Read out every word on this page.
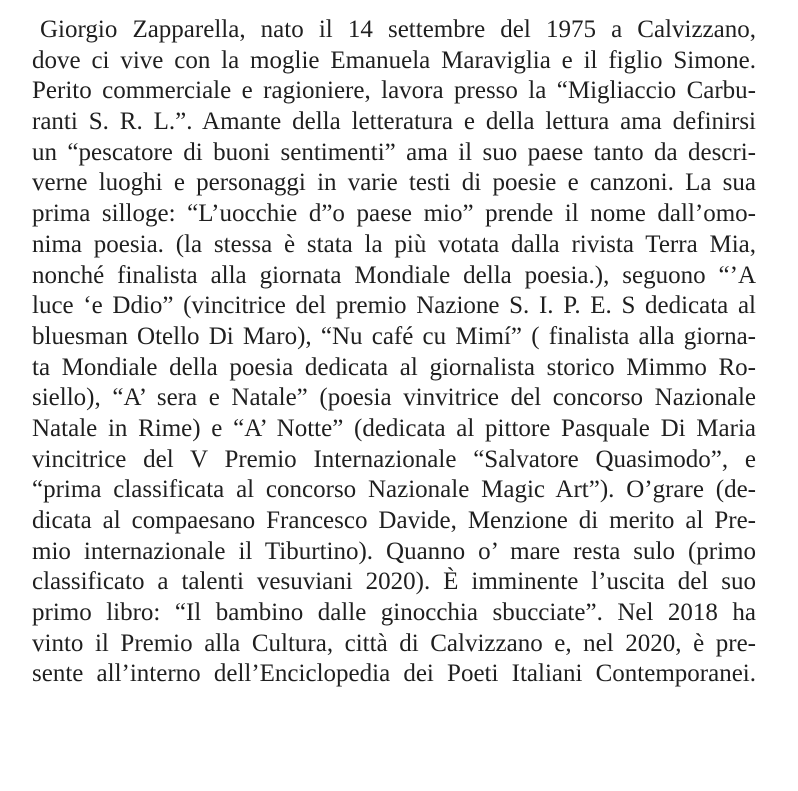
Giorgio Zapparella, nato il 14 settembre del 1975 a Calvizzano,
dove ci vive con la moglie Emanuela Maraviglia e il figlio Simone.
Perito commerciale e ragioniere, lavora presso la “Migliaccio Carbu-
ranti S. R. L.”. Amante della letteratura e della lettura ama definirsi
un “pescatore di buoni sentimenti” ama il suo paese tanto da descri-
verne luoghi e personaggi in varie testi di poesie e canzoni. La sua
prima silloge: “L’uocchie d”o paese mio” prende il nome dall’omo-
nima poesia. (la stessa è stata la più votata dalla rivista Terra Mia,
nonché finalista alla giornata Mondiale della poesia.), seguono “’A
luce ‘e Ddio” (vincitrice del premio Nazione S. I. P. E. S dedicata al
bluesman Otello Di Maro), “Nu café cu Mimí” ( finalista alla giorna-
ta Mondiale della poesia dedicata al giornalista storico Mimmo Ro-
siello), “A’ sera e Natale” (poesia vinvitrice del concorso Nazionale
Natale in Rime) e “A’ Notte” (dedicata al pittore Pasquale Di Maria
vincitrice del V Premio Internazionale “Salvatore Quasimodo”, e
“prima classificata al concorso Nazionale Magic Art”). O’grare (de-
dicata al compaesano Francesco Davide, Menzione di merito al Pre-
mio internazionale il Tiburtino). Quanno o’ mare resta sulo (primo
classificato a talenti vesuviani 2020). È imminente l’uscita del suo
primo libro: “Il bambino dalle ginocchia sbucciate”. Nel 2018 ha
vinto il Premio alla Cultura, città di Calvizzano e, nel 2020, è pre-
sente all’interno dell’Enciclopedia dei Poeti Italiani Contemporanei.
